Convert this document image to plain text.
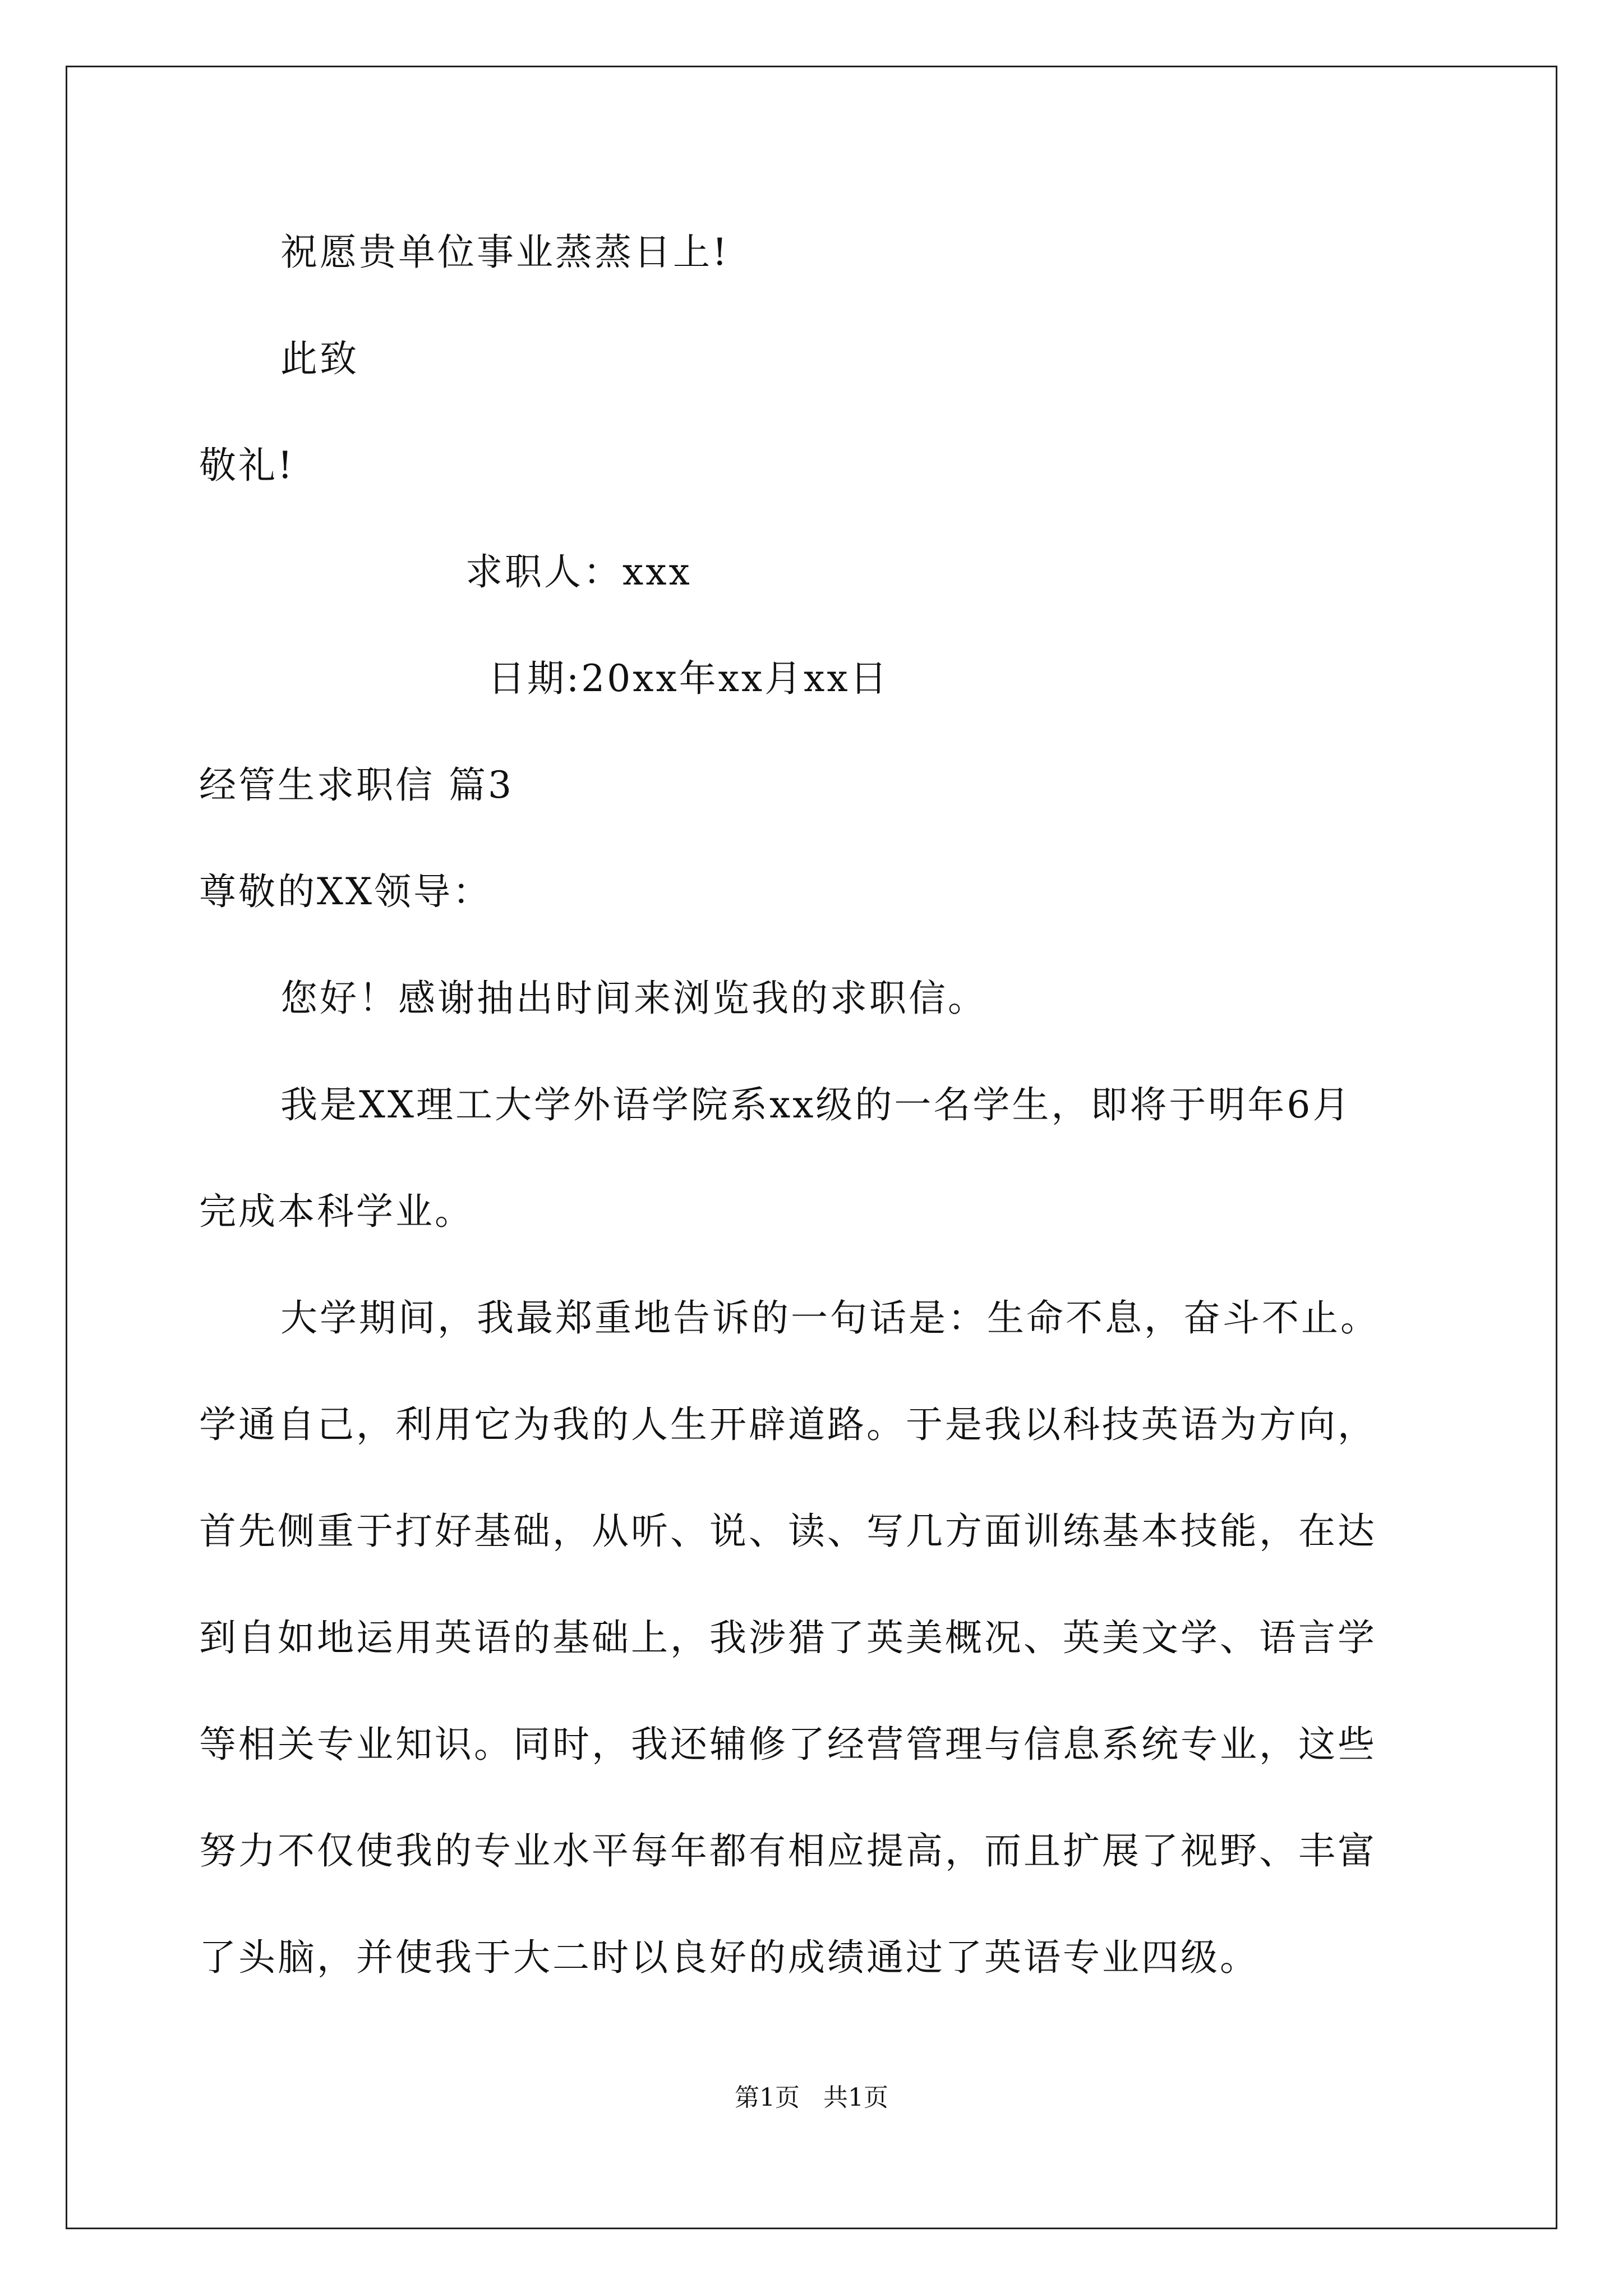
祝愿贵单位事业蒸蒸日上!
此致
敬礼!
求职人：xxx
日期:20xx年xx月xx日
经管生求职信 篇3
尊敬的XX领导：
您好！感谢抽出时间来浏览我的求职信。
我是XX理工大学外语学院系xx级的一名学生，即将于明年6月
完成本科学业。
大学期间，我最郑重地告诉的一句话是：生命不息，奋斗不止。
学通自己，利用它为我的人生开辟道路。于是我以科技英语为方向，
首先侧重于打好基础，从听、说、读、写几方面训练基本技能，在达
到自如地运用英语的基础上，我涉猎了英美概况、英美文学、语言学
等相关专业知识。同时，我还辅修了经营管理与信息系统专业，这些
努力不仅使我的专业水平每年都有相应提高，而且扩展了视野、丰富
了头脑，并使我于大二时以良好的成绩通过了英语专业四级。
第1页   共1页
